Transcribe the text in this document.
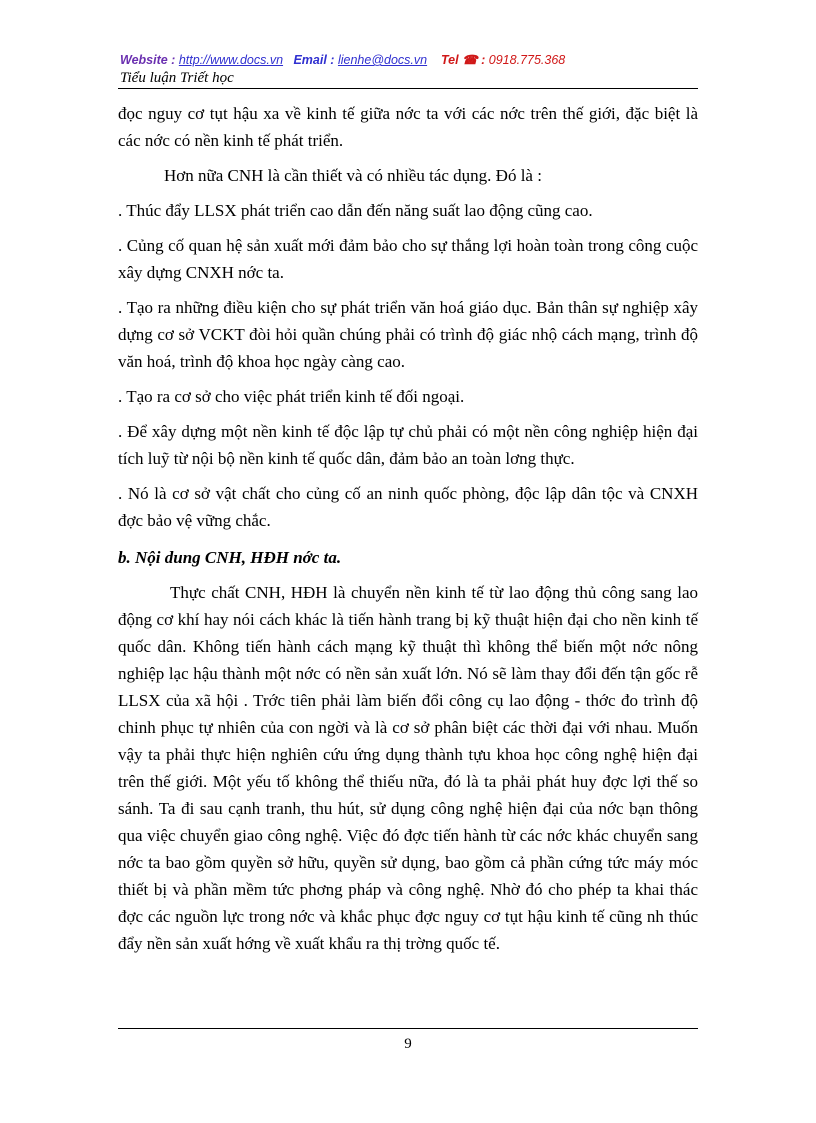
Website : http://www.docs.vn Email : lienhe@docs.vn Tel ☎ : 0918.775.368
Tiểu luận Triết học

đọc nguy cơ tụt hậu xa về kinh tế giữa nớc ta với các nớc trên thế giới, đặc biệt là các nớc có nền kinh tế phát triển.

Hơn nữa CNH là cần thiết và có nhiều tác dụng. Đó là :

. Thúc đẩy LLSX phát triển cao dẫn đến năng suất lao động cũng cao.

. Củng cố quan hệ sản xuất mới đảm bảo cho sự thắng lợi hoàn toàn trong công cuộc xây dựng CNXH nớc ta.

. Tạo ra những điều kiện cho sự phát triển văn hoá giáo dục. Bản thân sự nghiệp xây dựng cơ sở VCKT đòi hỏi quần chúng phải có trình độ giác nhộ cách mạng, trình độ văn hoá, trình độ khoa học ngày càng cao.

. Tạo ra cơ sở cho việc phát triển kinh tế đối ngoại.

. Để xây dựng một nền kinh tế độc lập tự chủ phải có một nền công nghiệp hiện đại tích luỹ từ nội bộ nền kinh tế quốc dân, đảm bảo an toàn lơng thực.

. Nó là cơ sở vật chất cho củng cố an ninh quốc phòng, độc lập dân tộc và CNXH đợc bảo vệ vững chắc.

b. Nội dung CNH, HĐH nớc ta.

Thực chất CNH, HĐH là chuyển nền kinh tế từ lao động thủ công sang lao động cơ khí hay nói cách khác là tiến hành trang bị kỹ thuật hiện đại cho nền kinh tế quốc dân. Không tiến hành cách mạng kỹ thuật thì không thể biến một nớc nông nghiệp lạc hậu thành một nớc có nền sản xuất lớn. Nó sẽ làm thay đổi đến tận gốc rễ LLSX của xã hội . Trớc tiên phải làm biến đổi công cụ lao động - thớc đo trình độ chinh phục tự nhiên của con ngời và là cơ sở phân biệt các thời đại với nhau. Muốn vậy ta phải thực hiện nghiên cứu ứng dụng thành tựu khoa học công nghệ hiện đại trên thế giới. Một yếu tố không thể thiếu nữa, đó là ta phải phát huy đợc lợi thế so sánh. Ta đi sau cạnh tranh, thu hút, sử dụng công nghệ hiện đại của nớc bạn thông qua việc chuyển giao công nghệ. Việc đó đợc tiến hành từ các nớc khác chuyển sang nớc ta bao gồm quyền sở hữu, quyền sử dụng, bao gồm cả phần cứng tức máy móc thiết bị và phần mềm tức phơng pháp và công nghệ. Nhờ đó cho phép ta khai thác đợc các nguồn lực trong nớc và khắc phục đợc nguy cơ tụt hậu kinh tế cũng nh thúc đẩy nền sản xuất hớng về xuất khẩu ra thị trờng quốc tế.

9
